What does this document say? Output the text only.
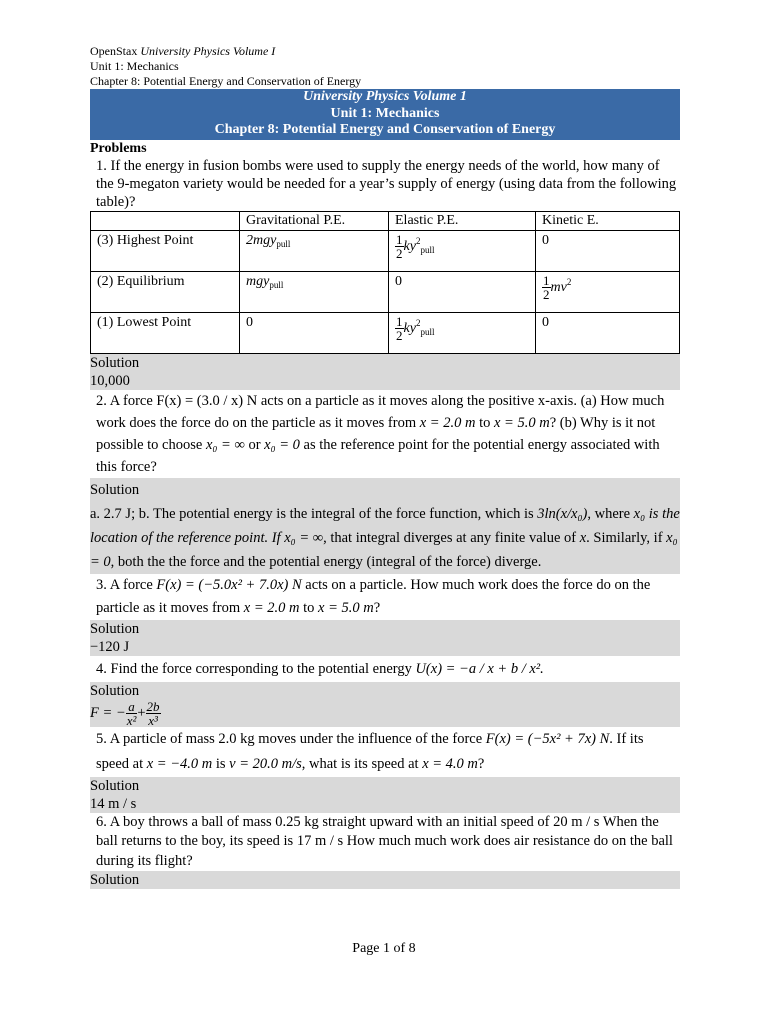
OpenStax University Physics Volume I
Unit 1: Mechanics
Chapter 8: Potential Energy and Conservation of Energy
University Physics Volume 1
Unit 1: Mechanics
Chapter 8: Potential Energy and Conservation of Energy
Problems
1. If the energy in fusion bombs were used to supply the energy needs of the world, how many of the 9-megaton variety would be needed for a year’s supply of energy (using data from the following table)?
	Gravitational P.E.	Elastic P.E.	Kinetic E.
(3) Highest Point	2mgy$_{pull}$	$\frac{1}{2} ky^2_{pull}$	0
(2) Equilibrium	mgy$_{pull}$	0	$\frac{1}{2} mv^2$
(1) Lowest Point	0	$\frac{1}{2} ky^2_{pull}$	0
Solution
10,000
2. A force F(x) = (3.0 / x) N acts on a particle as it moves along the positive x-axis. (a) How much work does the force do on the particle as it moves from x = 2.0 m to x = 5.0 m? (b) Why is it not possible to choose x₀ = ∞ or x₀ = 0 as the reference point for the potential energy associated with this force?
Solution
a. 2.7 J; b. The potential energy is the integral of the force function, which is 3ln(x/x₀), where x₀ is the location of the reference point. If x₀ = ∞, that integral diverges at any finite value of x. Similarly, if x₀ = 0, both the the force and the potential energy (integral of the force) diverge.
3. A force F(x) = (−5.0x² + 7.0x) N acts on a particle. How much work does the force do on the particle as it moves from x = 2.0 m to x = 5.0 m?
Solution
−120 J
4. Find the force corresponding to the potential energy U(x) = −a / x + b / x².
Solution
F = − $\frac{a}{\text{x²}} + \frac{2b}{\text{x³}}$
5. A particle of mass 2.0 kg moves under the influence of the force F(x) = (−5x² + 7x) N. If its speed at x = −4.0 m is v = 20.0 m/s, what is its speed at x = 4.0 m?
Solution
14 m / s
6. A boy throws a ball of mass 0.25 kg straight upward with an initial speed of 20 m / s When the ball returns to the boy, its speed is 17 m / s How much much work does air resistance do on the ball during its flight?
Solution
Page 1 of 8
